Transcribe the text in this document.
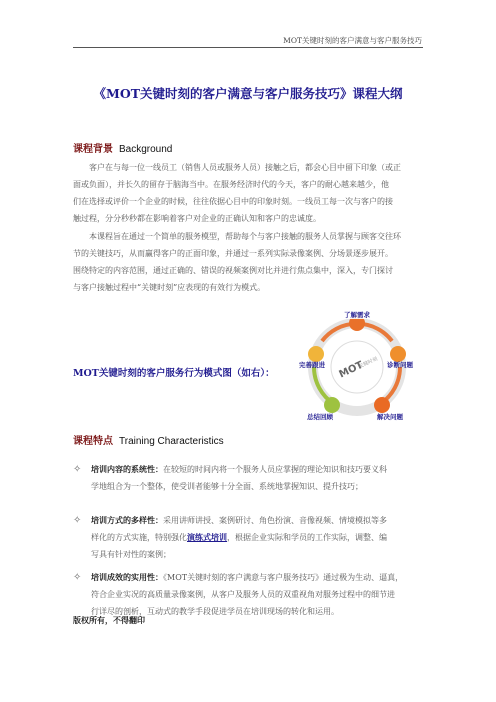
MOT关键时刻的客户满意与客户服务技巧
《MOT关键时刻的客户满意与客户服务技巧》课程大纲
课程背景 Background
客户在与每一位一线员工（销售人员或服务人员）接触之后，都会心目中留下印象（或正
面或负面），并长久的留存于脑海当中。在服务经济时代的今天，客户的耐心越来越少，他
们在选择或评价一个企业的时候，往往依据心目中的印象时刻。一线员工每一次与客户的接
触过程，分分秒秒都在影响着客户对企业的正确认知和客户的忠诚度。
本课程旨在通过一个简单的服务模型，帮助每个与客户接触的服务人员掌握与顾客交往环
节的关键技巧，从而赢得客户的正面印象，并通过一系列实际录像案例、分场景逐步展开。
围绕特定的内容范围，通过正确的、错误的视频案例对比并进行焦点集中，深入，专门探讨
与客户接触过程中“关键时刻”应表现的有效行为模式。
MOT关键时刻的客户服务行为模式图（如右）：	MOT
关键时刻
了解需求
诊断问题
解决问题
总结回顾
完善跟进
课程特点 Training Characteristics
✧ 培训内容的系统性：在较短的时间内将一个服务人员应掌握的理论知识和技巧要义科
学地组合为一个整体，使受训者能够十分全面、系统地掌握知识、提升技巧；
✧ 培训方式的多样性：采用讲师讲授、案例研讨、角色扮演、音像视频、情境模拟等多
样化的方式实施，特别强化演练式培训，根据企业实际和学员的工作实际，调整、编
写具有针对性的案例；
✧ 培训成效的实用性：《MOT关键时刻的客户满意与客户服务技巧》通过极为生动、逼真，
符合企业实况的高质量录像案例，从客户及服务人员的双重视角对服务过程中的细节进
行详尽的剖析，互动式的教学手段促进学员在培训现场的转化和运用。
版权所有，不得翻印
